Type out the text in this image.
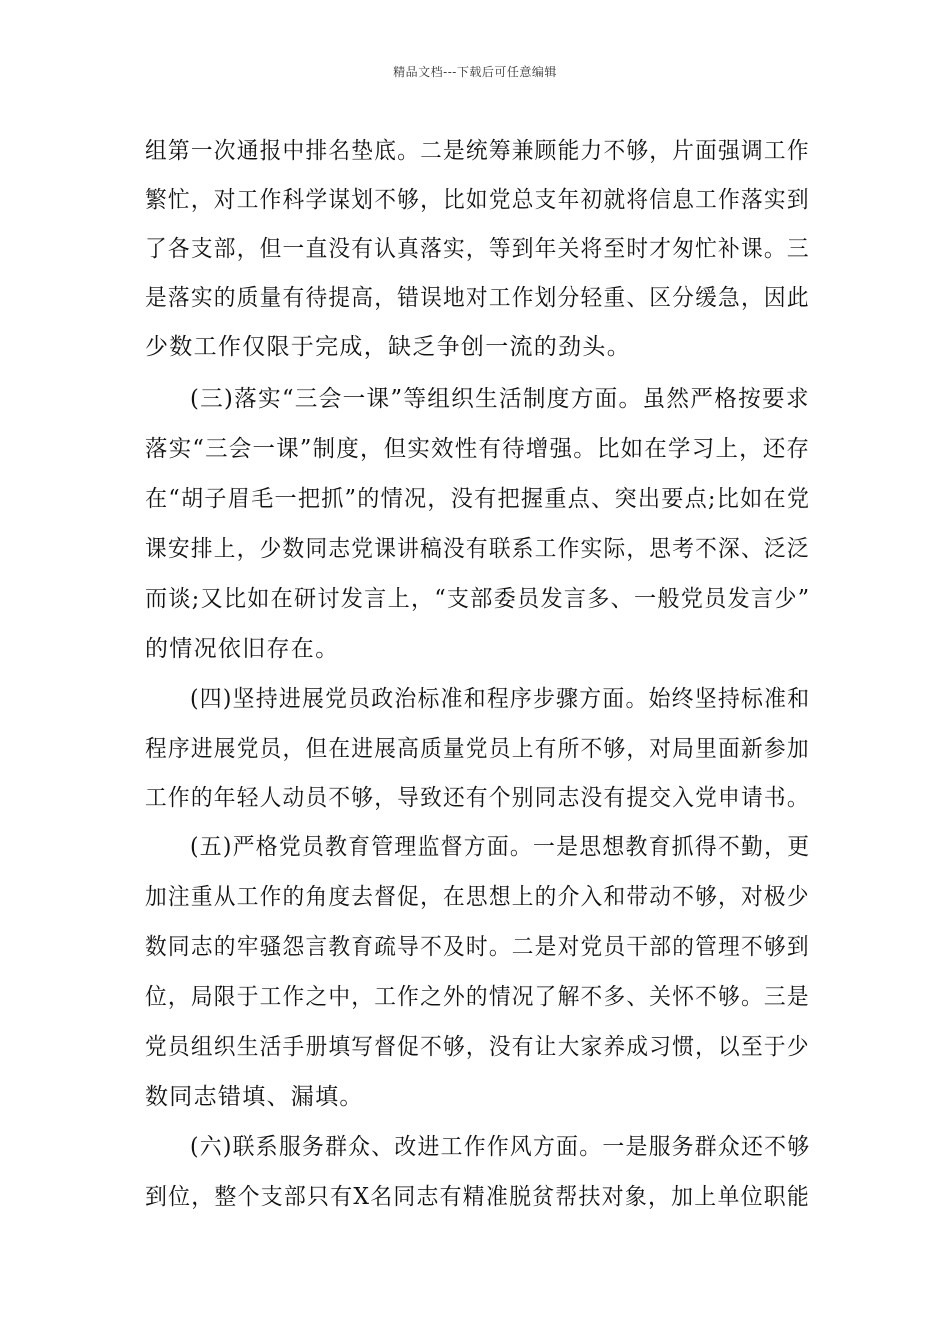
精品文档---下载后可任意编辑
组第一次通报中排名垫底。二是统筹兼顾能力不够，片面强调工作
繁忙，对工作科学谋划不够，比如党总支年初就将信息工作落实到
了各支部，但一直没有认真落实，等到年关将至时才匆忙补课。三
是落实的质量有待提高，错误地对工作划分轻重、区分缓急，因此
少数工作仅限于完成，缺乏争创一流的劲头。
(三)落实“三会一课”等组织生活制度方面。虽然严格按要求
落实“三会一课”制度，但实效性有待增强。比如在学习上，还存
在“胡子眉毛一把抓”的情况，没有把握重点、突出要点;比如在党
课安排上，少数同志党课讲稿没有联系工作实际，思考不深、泛泛
而谈;又比如在研讨发言上，“支部委员发言多、一般党员发言少”
的情况依旧存在。
(四)坚持进展党员政治标准和程序步骤方面。始终坚持标准和
程序进展党员，但在进展高质量党员上有所不够，对局里面新参加
工作的年轻人动员不够，导致还有个别同志没有提交入党申请书。
(五)严格党员教育管理监督方面。一是思想教育抓得不勤，更
加注重从工作的角度去督促，在思想上的介入和带动不够，对极少
数同志的牢骚怨言教育疏导不及时。二是对党员干部的管理不够到
位，局限于工作之中，工作之外的情况了解不多、关怀不够。三是
党员组织生活手册填写督促不够，没有让大家养成习惯，以至于少
数同志错填、漏填。
(六)联系服务群众、改进工作作风方面。一是服务群众还不够
到位，整个支部只有X名同志有精准脱贫帮扶对象，加上单位职能
